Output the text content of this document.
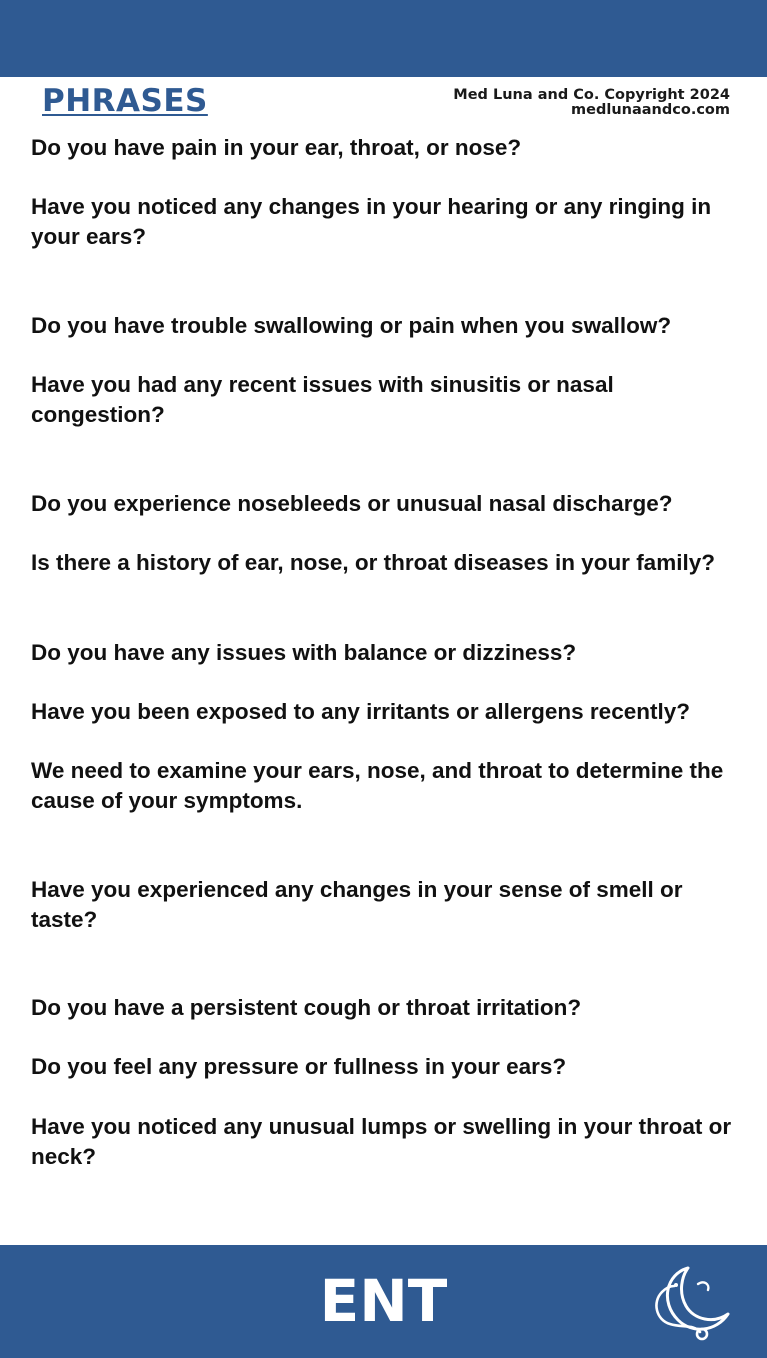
PHRASES	Med Luna and Co. Copyright 2024
medlunaandco.com

Do you have pain in your ear, throat, or nose?

Have you noticed any changes in your hearing or any ringing in your ears?

Do you have trouble swallowing or pain when you swallow?

Have you had any recent issues with sinusitis or nasal congestion?

Do you experience nosebleeds or unusual nasal discharge?

Is there a history of ear, nose, or throat diseases in your family?

Do you have any issues with balance or dizziness?

Have you been exposed to any irritants or allergens recently?

We need to examine your ears, nose, and throat to determine the cause of your symptoms.

Have you experienced any changes in your sense of smell or taste?

Do you have a persistent cough or throat irritation?

Do you feel any pressure or fullness in your ears?

Have you noticed any unusual lumps or swelling in your throat or neck?

ENT
